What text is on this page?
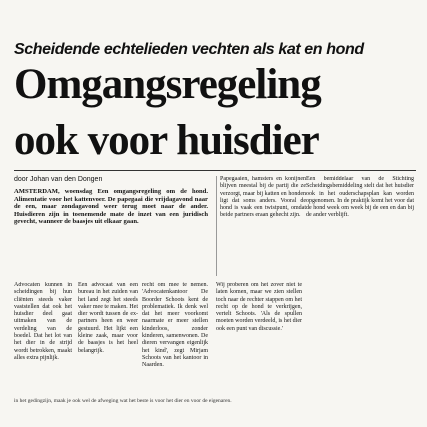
Scheidende echtelieden vechten als kat en hond
Omgangsregeling
ook voor huisdier
door Johan van den Dongen
AMSTERDAM, woensdag Een omgangsregeling om de hond. Alimentatie voor het kattenvoer. De papegaai die vrijdagavond naar de een, maar zondagavond weer terug moet naar de ander. Huisdieren zijn in toenemende mate de inzet van een juridisch gevecht, wanneer de baasjes uit elkaar gaan.
Advocaten kunnen in scheidingen bij hun cliënten steeds vaker vaststellen dat ook het huisdier deel gaat uitmaken van de verdeling van de boedel. Dat het lot van het dier in de strijd wordt betrokken, maakt alles extra pijnlijk.
Een advocaat van een bureau in het zuiden van het land zegt het steeds vaker mee te maken. Het dier wordt tussen de ex-partners heen en weer gestuurd. Het lijkt een kleine zaak, maar voor de baasjes is het heel belangrijk.
recht om mee te nemen. 'Advocatenkantoor De Boorder Schoots kent de problematiek. Ik denk wel dat het meer voorkomt naarmate er meer stellen kinderloos, zonder kinderen, samenwonen. De dieren vervangen eigenlijk het kind', zegt Mirjam Schoots van het kantoor in Naarden.
Papegaaien, hamsters en konijnen blijven meestal bij de partij die ze verzorgt, maar bij katten en honden ligt dat soms anders. Vooral de hond is vaak een twistpunt, omdat beide partners eraan gehecht zijn.
Een bemiddelaar van de Stichting Scheidingsbemiddeling stelt dat het huisdier ook in het ouderschapsplan kan worden opgenomen. In de praktijk komt het voor dat de hond week om week bij de een en dan bij de ander verblijft.
Wij proberen om het zover niet te laten komen, maar we zien stellen toch naar de rechter stappen om het recht op de hond te verkrijgen, vertelt Schoots. 'Als de spullen moeten worden verdeeld, is het dier ook een punt van discussie.'
in het gedingzijn, maak je ook wel de afweging wat het beste is voor het dier en voor de eigenaren.
